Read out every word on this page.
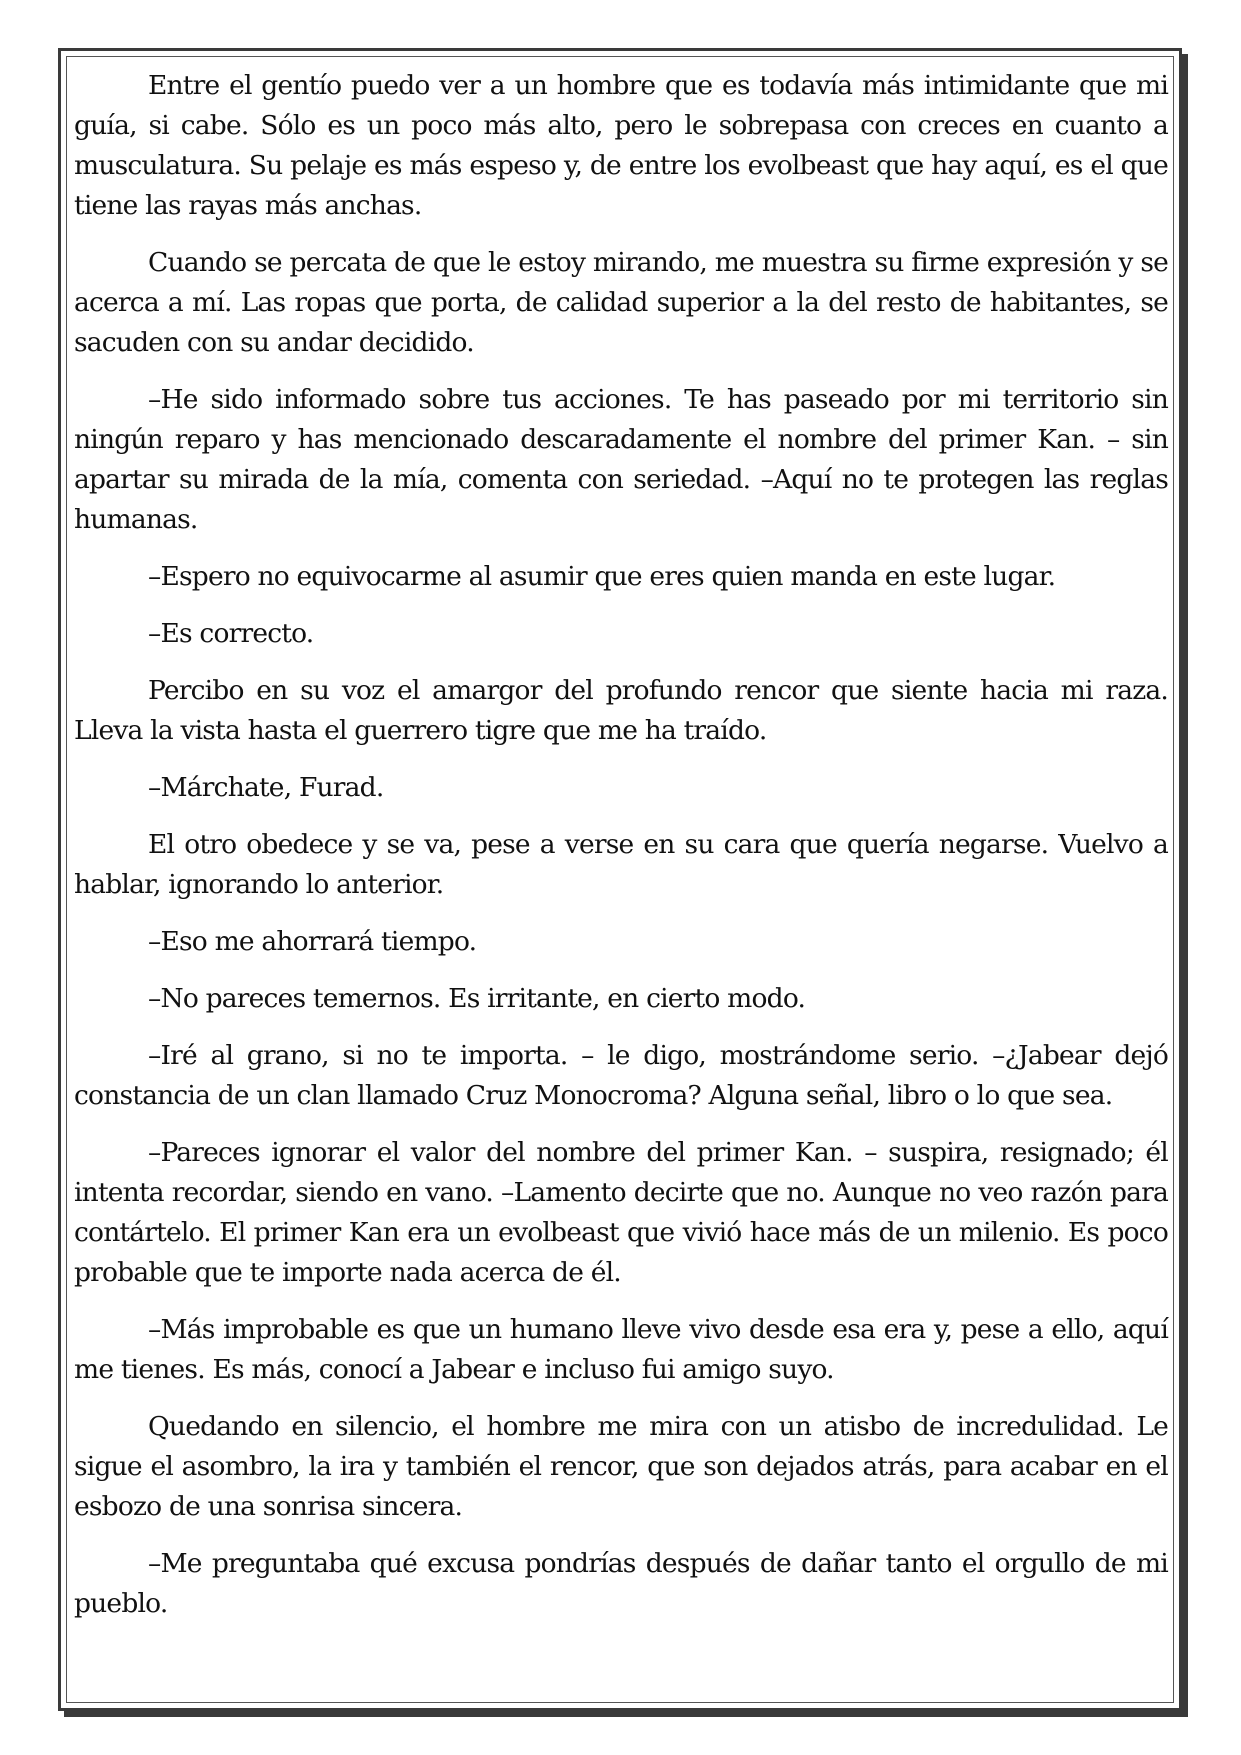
Entre el gentío puedo ver a un hombre que es todavía más intimidante que mi guía, si cabe. Sólo es un poco más alto, pero le sobrepasa con creces en cuanto a musculatura. Su pelaje es más espeso y, de entre los evolbeast que hay aquí, es el que tiene las rayas más anchas.

Cuando se percata de que le estoy mirando, me muestra su firme expresión y se acerca a mí. Las ropas que porta, de calidad superior a la del resto de habitantes, se sacuden con su andar decidido.

–He sido informado sobre tus acciones. Te has paseado por mi territorio sin ningún reparo y has mencionado descaradamente el nombre del primer Kan. – sin apartar su mirada de la mía, comenta con seriedad. –Aquí no te protegen las reglas humanas.

–Espero no equivocarme al asumir que eres quien manda en este lugar.

–Es correcto.

Percibo en su voz el amargor del profundo rencor que siente hacia mi raza. Lleva la vista hasta el guerrero tigre que me ha traído.

–Márchate, Furad.

El otro obedece y se va, pese a verse en su cara que quería negarse. Vuelvo a hablar, ignorando lo anterior.

–Eso me ahorrará tiempo.

–No pareces temernos. Es irritante, en cierto modo.

–Iré al grano, si no te importa. – le digo, mostrándome serio. –¿Jabear dejó constancia de un clan llamado Cruz Monocroma? Alguna señal, libro o lo que sea.

–Pareces ignorar el valor del nombre del primer Kan. – suspira, resignado; él intenta recordar, siendo en vano. –Lamento decirte que no. Aunque no veo razón para contártelo. El primer Kan era un evolbeast que vivió hace más de un milenio. Es poco probable que te importe nada acerca de él.

–Más improbable es que un humano lleve vivo desde esa era y, pese a ello, aquí me tienes. Es más, conocí a Jabear e incluso fui amigo suyo.

Quedando en silencio, el hombre me mira con un atisbo de incredulidad. Le sigue el asombro, la ira y también el rencor, que son dejados atrás, para acabar en el esbozo de una sonrisa sincera.

–Me preguntaba qué excusa pondrías después de dañar tanto el orgullo de mi pueblo.
